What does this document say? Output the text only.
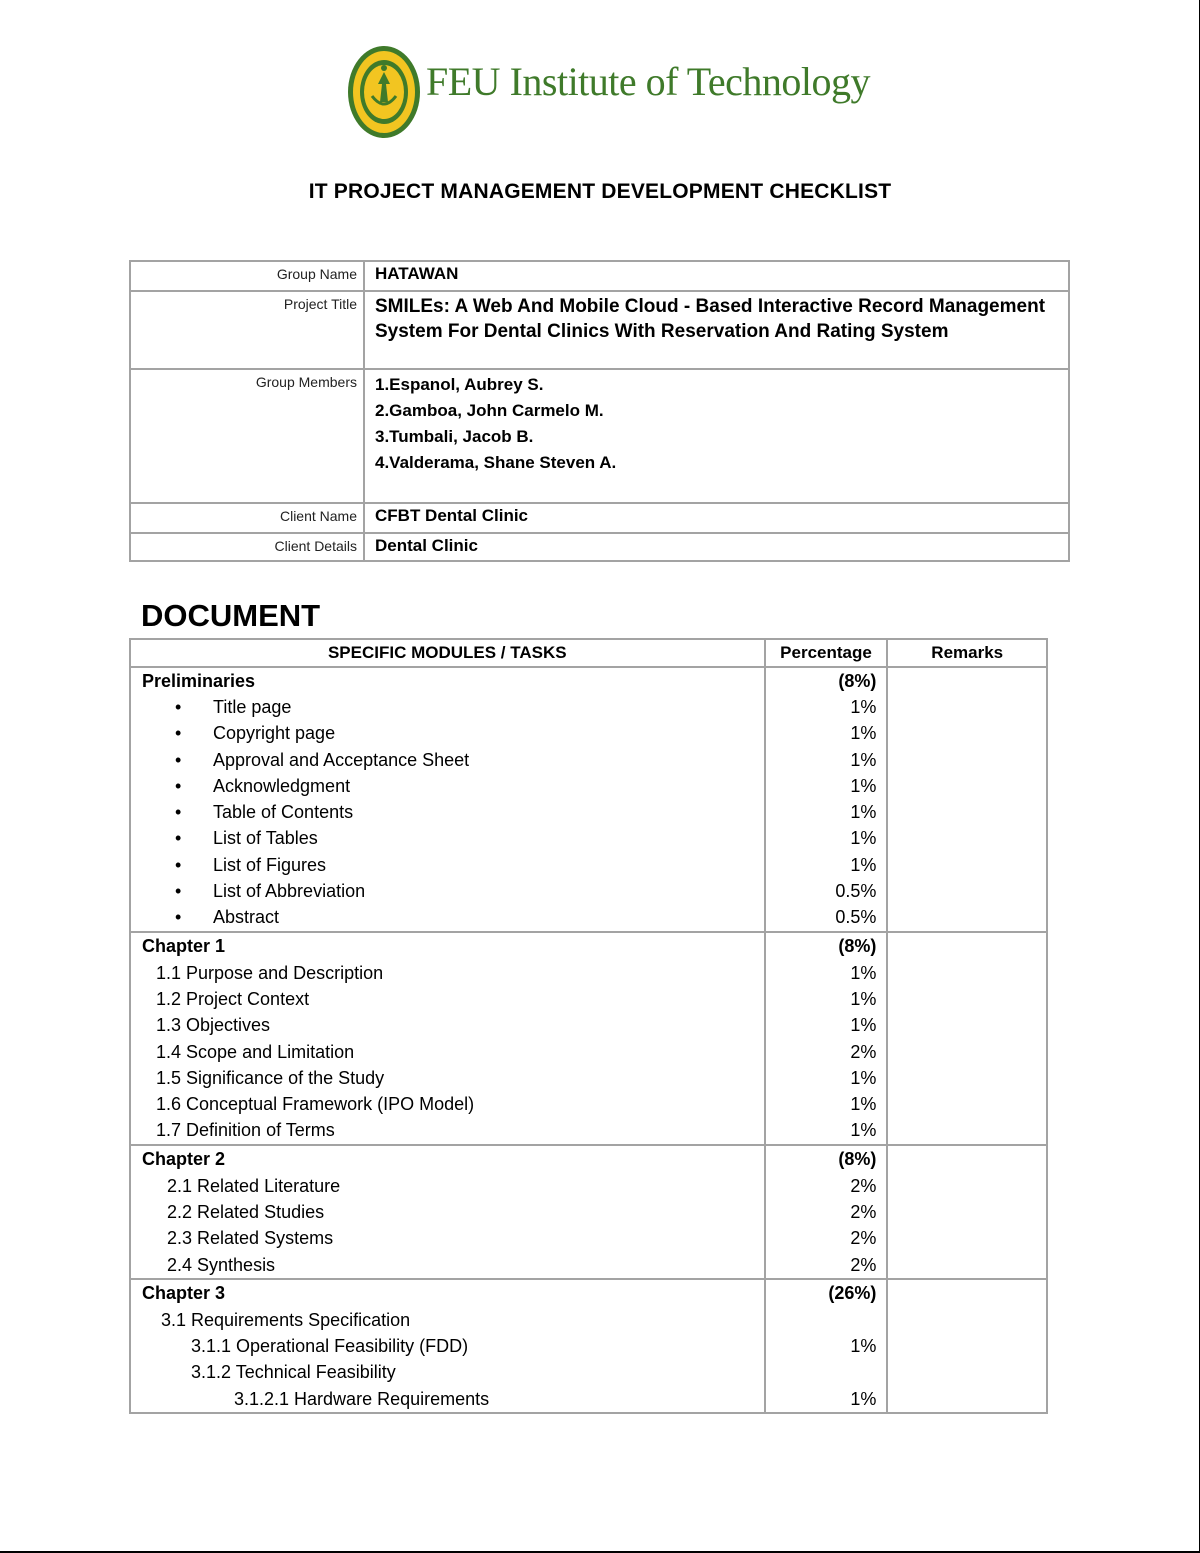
FEU Institute of Technology
IT PROJECT MANAGEMENT DEVELOPMENT CHECKLIST
Group Name	HATAWAN
Project Title	SMILEs: A Web And Mobile Cloud - Based Interactive Record Management System For Dental Clinics With Reservation And Rating System

Group Members	1.Espanol, Aubrey S.
2.Gamboa, John Carmelo M.
3.Tumbali, Jacob B.
4.Valderama, Shane Steven A.

Client Name	CFBT Dental Clinic
Client Details	Dental Clinic
DOCUMENT
SPECIFIC MODULES / TASKS	Percentage	Remarks
Preliminaries	(8%)	
• Title page	1%	
• Copyright page	1%	
• Approval and Acceptance Sheet	1%	
• Acknowledgment	1%	
• Table of Contents	1%	
• List of Tables	1%	
• List of Figures	1%	
• List of Abbreviation	0.5%	
• Abstract	0.5%	
Chapter 1	(8%)	
1.1 Purpose and Description	1%	
1.2 Project Context	1%	
1.3 Objectives	1%	
1.4 Scope and Limitation	2%	
1.5 Significance of the Study	1%	
1.6 Conceptual Framework (IPO Model)	1%	
1.7 Definition of Terms	1%	
Chapter 2	(8%)	
2.1 Related Literature	2%	
2.2 Related Studies	2%	
2.3 Related Systems	2%	
2.4 Synthesis	2%	
Chapter 3	(26%)	
3.1 Requirements Specification		
3.1.1 Operational Feasibility (FDD)	1%	
3.1.2 Technical Feasibility		
3.1.2.1 Hardware Requirements	1%	
